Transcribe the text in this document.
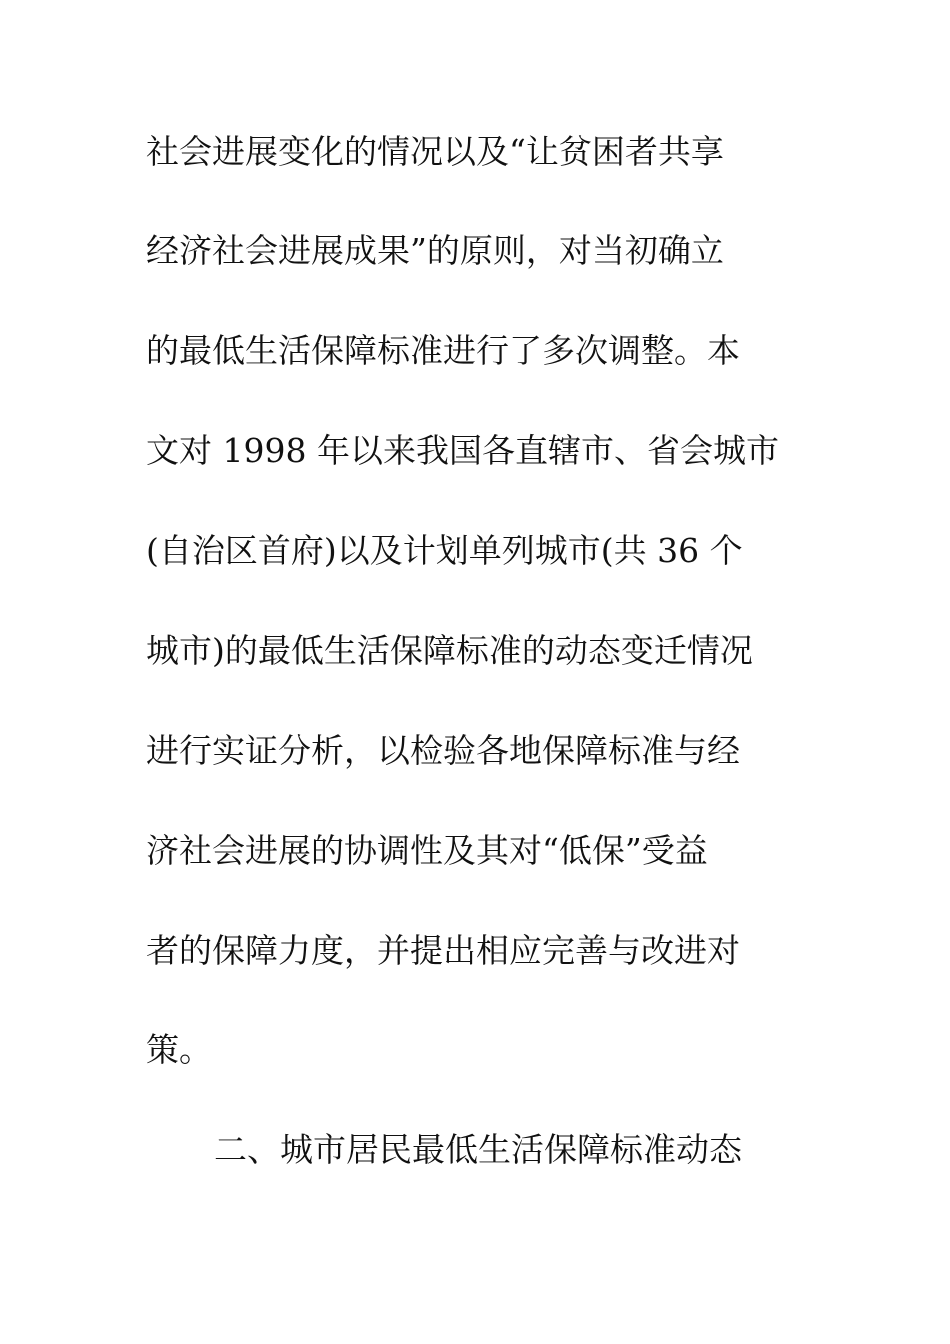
社会进展变化的情况以及“让贫困者共享
经济社会进展成果”的原则，对当初确立
的最低生活保障标准进行了多次调整。本
文对 1998 年以来我国各直辖市、省会城市
(自治区首府)以及计划单列城市(共 36 个
城市)的最低生活保障标准的动态变迁情况
进行实证分析，以检验各地保障标准与经
济社会进展的协调性及其对“低保”受益
者的保障力度，并提出相应完善与改进对
策。
二、城市居民最低生活保障标准动态
